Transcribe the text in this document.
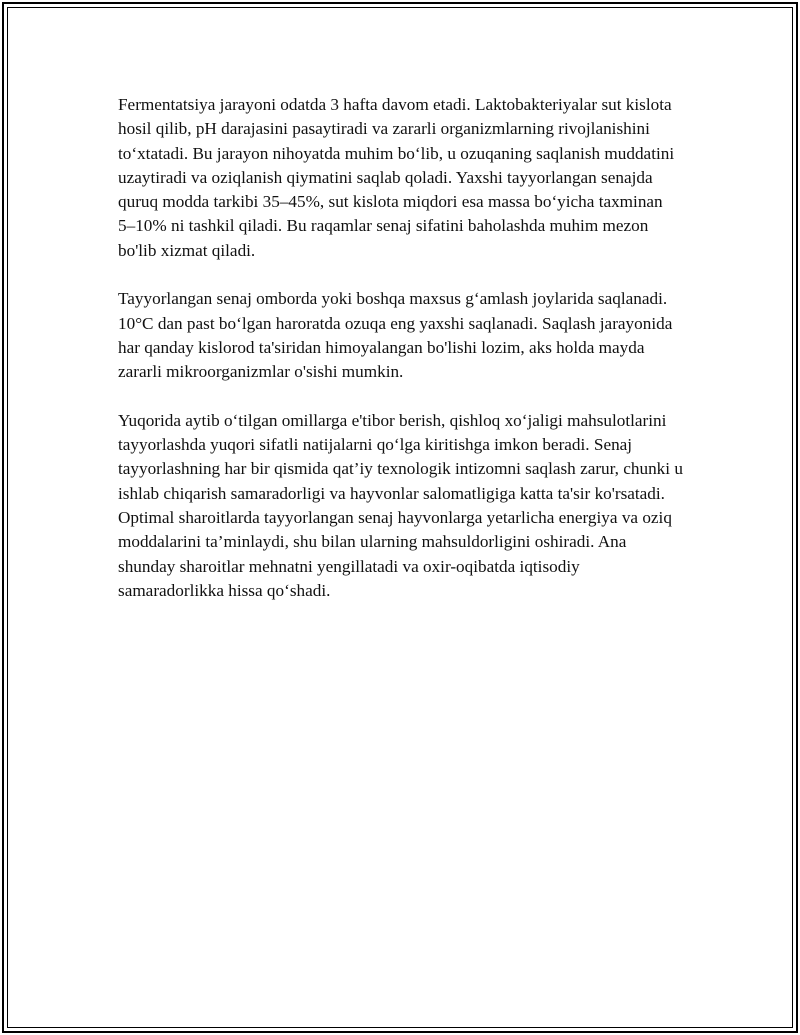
Fermentatsiya jarayoni odatda 3 hafta davom etadi. Laktobakteriyalar sut kislota hosil qilib, pH darajasini pasaytiradi va zararli organizmlarning rivojlanishini to‘xtatadi. Bu jarayon nihoyatda muhim bo‘lib, u ozuqaning saqlanish muddatini uzaytiradi va oziqlanish qiymatini saqlab qoladi. Yaxshi tayyorlangan senajda quruq modda tarkibi 35–45%, sut kislota miqdori esa massa bo‘yicha taxminan 5–10% ni tashkil qiladi. Bu raqamlar senaj sifatini baholashda muhim mezon bo'lib xizmat qiladi.

Tayyorlangan senaj omborda yoki boshqa maxsus g‘amlash joylarida saqlanadi. 10°C dan past bo‘lgan haroratda ozuqa eng yaxshi saqlanadi. Saqlash jarayonida har qanday kislorod ta'siridan himoyalangan bo'lishi lozim, aks holda mayda zararli mikroorganizmlar o'sishi mumkin.

Yuqorida aytib o‘tilgan omillarga e'tibor berish, qishloq xo‘jaligi mahsulotlarini tayyorlashda yuqori sifatli natijalarni qo‘lga kiritishga imkon beradi. Senaj tayyorlashning har bir qismida qat’iy texnologik intizomni saqlash zarur, chunki u ishlab chiqarish samaradorligi va hayvonlar salomatligiga katta ta'sir ko'rsatadi. Optimal sharoitlarda tayyorlangan senaj hayvonlarga yetarlicha energiya va oziq moddalarini ta’minlaydi, shu bilan ularning mahsuldorligini oshiradi. Ana shunday sharoitlar mehnatni yengillatadi va oxir-oqibatda iqtisodiy samaradorlikka hissa qo‘shadi.
